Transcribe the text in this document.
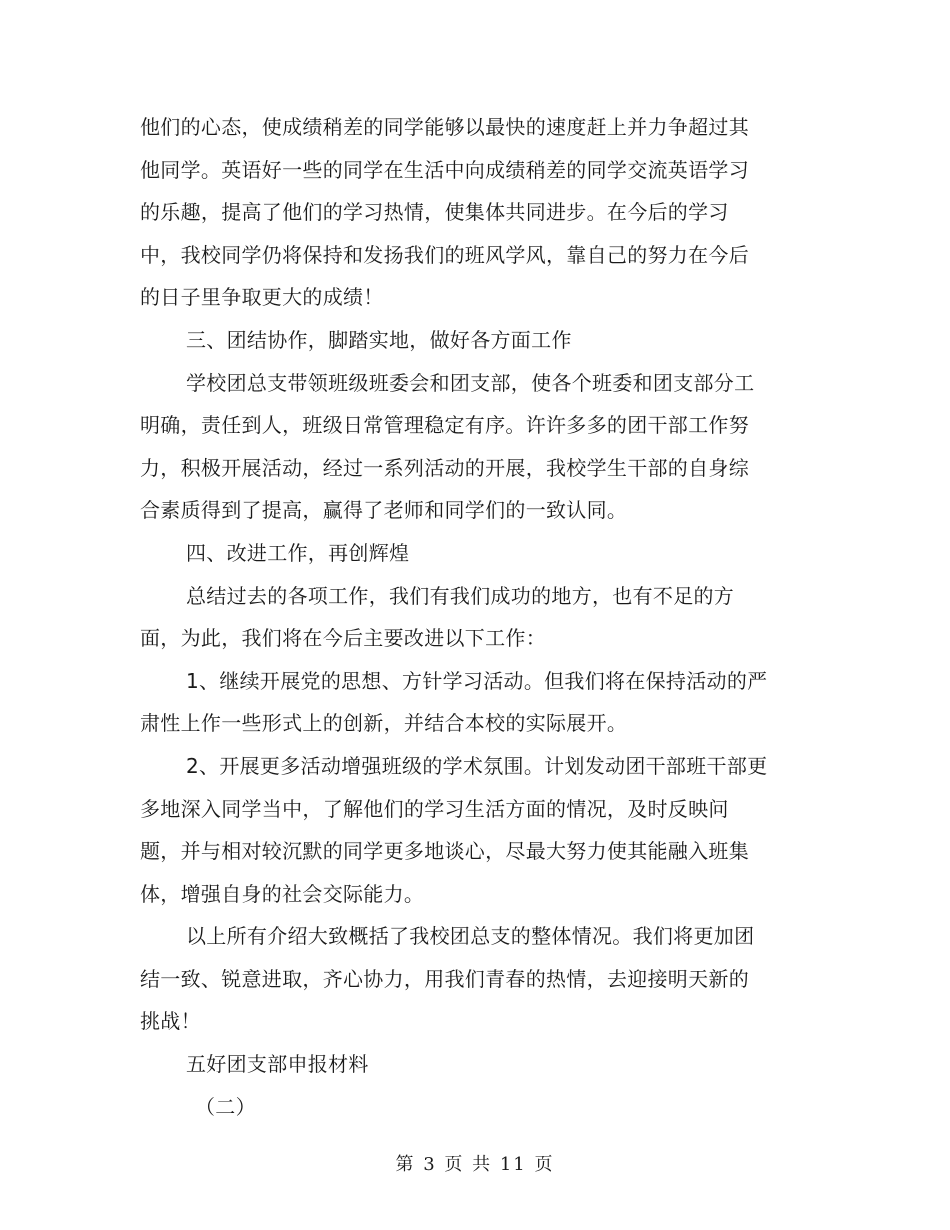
他们的心态，使成绩稍差的同学能够以最快的速度赶上并力争超过其
他同学。英语好一些的同学在生活中向成绩稍差的同学交流英语学习
的乐趣，提高了他们的学习热情，使集体共同进步。在今后的学习
中，我校同学仍将保持和发扬我们的班风学风，靠自己的努力在今后
的日子里争取更大的成绩！
三、团结协作，脚踏实地，做好各方面工作
学校团总支带领班级班委会和团支部，使各个班委和团支部分工
明确，责任到人，班级日常管理稳定有序。许许多多的团干部工作努
力，积极开展活动，经过一系列活动的开展，我校学生干部的自身综
合素质得到了提高，赢得了老师和同学们的一致认同。
四、改进工作，再创辉煌
总结过去的各项工作，我们有我们成功的地方，也有不足的方
面，为此，我们将在今后主要改进以下工作：
1、继续开展党的思想、方针学习活动。但我们将在保持活动的严
肃性上作一些形式上的创新，并结合本校的实际展开。
2、开展更多活动增强班级的学术氛围。计划发动团干部班干部更
多地深入同学当中，了解他们的学习生活方面的情况，及时反映问
题，并与相对较沉默的同学更多地谈心，尽最大努力使其能融入班集
体，增强自身的社会交际能力。
以上所有介绍大致概括了我校团总支的整体情况。我们将更加团
结一致、锐意进取，齐心协力，用我们青春的热情，去迎接明天新的
挑战！
五好团支部申报材料
（二）
第 3 页 共 11 页
